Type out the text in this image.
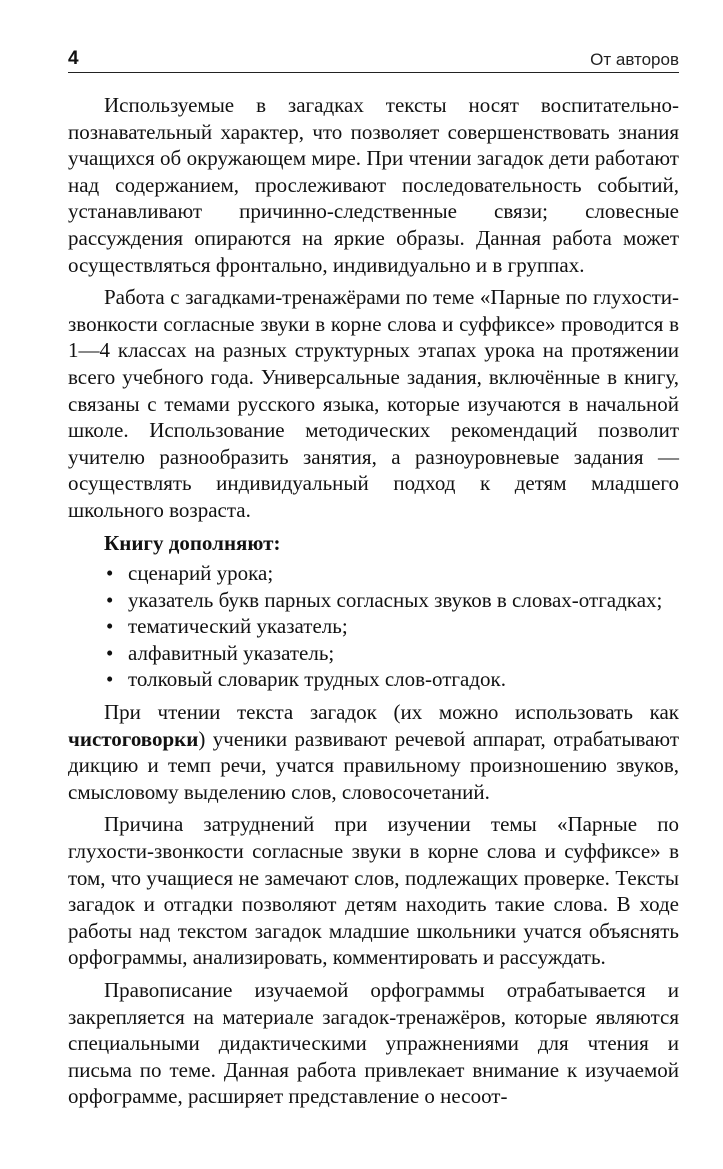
4	От авторов

Используемые в загадках тексты носят воспитательно-познавательный характер, что позволяет совершенствовать знания учащихся об окружающем мире. При чтении загадок дети работают над содержанием, прослеживают последовательность событий, устанавливают причинно-следственные связи; словесные рассуждения опираются на яркие образы. Данная работа может осуществляться фронтально, индивидуально и в группах.

Работа с загадками-тренажёрами по теме «Парные по глухости-звонкости согласные звуки в корне слова и суффиксе» проводится в 1—4 классах на разных структурных этапах урока на протяжении всего учебного года. Универсальные задания, включённые в книгу, связаны с темами русского языка, которые изучаются в начальной школе. Использование методических рекомендаций позволит учителю разнообразить занятия, а разноуровневые задания — осуществлять индивидуальный подход к детям младшего школьного возраста.

Книгу дополняют:
• сценарий урока;
• указатель букв парных согласных звуков в словах-отгадках;
• тематический указатель;
• алфавитный указатель;
• толковый словарик трудных слов-отгадок.

При чтении текста загадок (их можно использовать как чистоговорки) ученики развивают речевой аппарат, отрабатывают дикцию и темп речи, учатся правильному произношению звуков, смысловому выделению слов, словосочетаний.

Причина затруднений при изучении темы «Парные по глухости-звонкости согласные звуки в корне слова и суффиксе» в том, что учащиеся не замечают слов, подлежащих проверке. Тексты загадок и отгадки позволяют детям находить такие слова. В ходе работы над текстом загадок младшие школьники учатся объяснять орфограммы, анализировать, комментировать и рассуждать.

Правописание изучаемой орфограммы отрабатывается и закрепляется на материале загадок-тренажёров, которые являются специальными дидактическими упражнениями для чтения и письма по теме. Данная работа привлекает внимание к изучаемой орфограмме, расширяет представление о несоот-
